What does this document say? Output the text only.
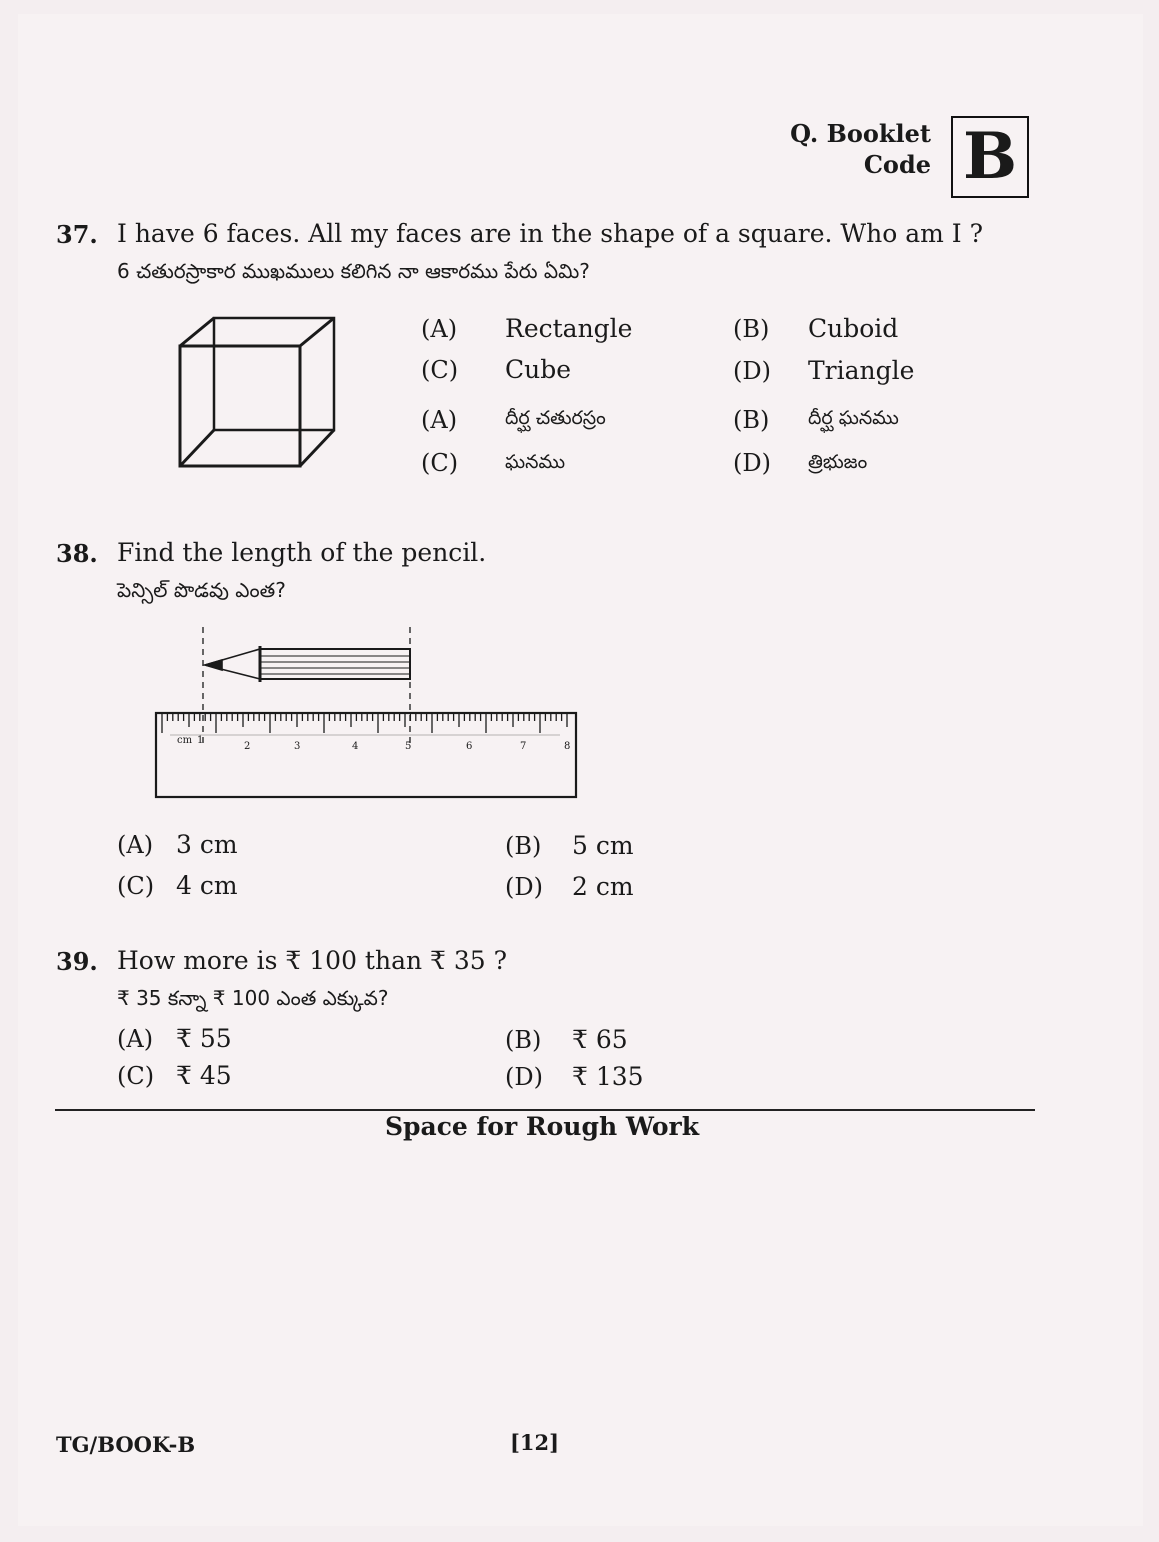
Q. Booklet
Code B
37. I have 6 faces. All my faces are in the shape of a square. Who am I ?
6 చతురస్రాకార ముఖములు కలిగిన నా ఆకారము పేరు ఏమి?
(A) Rectangle	(B) Cuboid
(C) Cube	(D) Triangle
(A)	దీర్ఘ చతురస్రం	(B) దీర్ఘ ఘనము
(C) ఘనము	(D) త్రిభుజం
38. Find the length of the pencil.
పెన్సిల్ పొడవు ఎంత?
cm 1
2	3	4	5	6	7	8
(A) 3 cm	(B) 5 cm
(C) 4 cm	(D) 2 cm
39. How more is ₹ 100 than ₹ 35 ?
₹ 35 కన్నా ₹ 100 ఎంత ఎక్కువ?
(A) ₹ 55	(B) ₹ 65
(C) ₹ 45	(D) ₹ 135
Space for Rough Work
TG/BOOK-B	[12]
